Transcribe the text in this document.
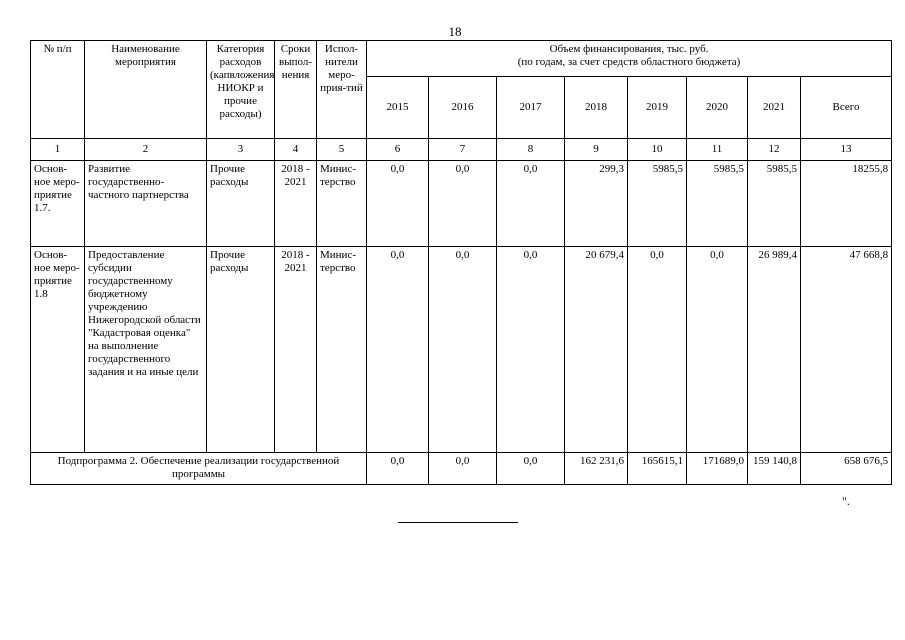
18
№ п/п	Наименование мероприятия	Категория расходов (капвложения НИОКР и прочие расходы)	Сроки выпол-нения	Испол-нители меро-прия-тий	Объем финансирования, тыс. руб.
(по годам, за счет средств областного бюджета)							

					2015	2016	2017	2018	2019	2020	2021	Всего
1	2	3	4	5	6	7	8	9	10	11	12	13
Основ-ное меро-приятие 1.7.	Развитие государственно-частного партнерства	Прочие расходы	2018 - 2021	Минис-терство	0,0	0,0	0,0	299,3	5985,5	5985,5	5985,5	18255,8
Основ-ное меро-приятие 1.8	Предоставление субсидии государственному бюджетному учреждению Нижегородской области "Кадастровая оценка" на выполнение государственного задания и на иные цели	Прочие расходы	2018 - 2021	Минис-терство	0,0	0,0	0,0	20 679,4	0,0	0,0	26 989,4	47 668,8
Подпрограмма 2. Обеспечение реализации государственной программы					0,0	0,0	0,0	162 231,6	165615,1	171689,0	159 140,8	658 676,5
".
